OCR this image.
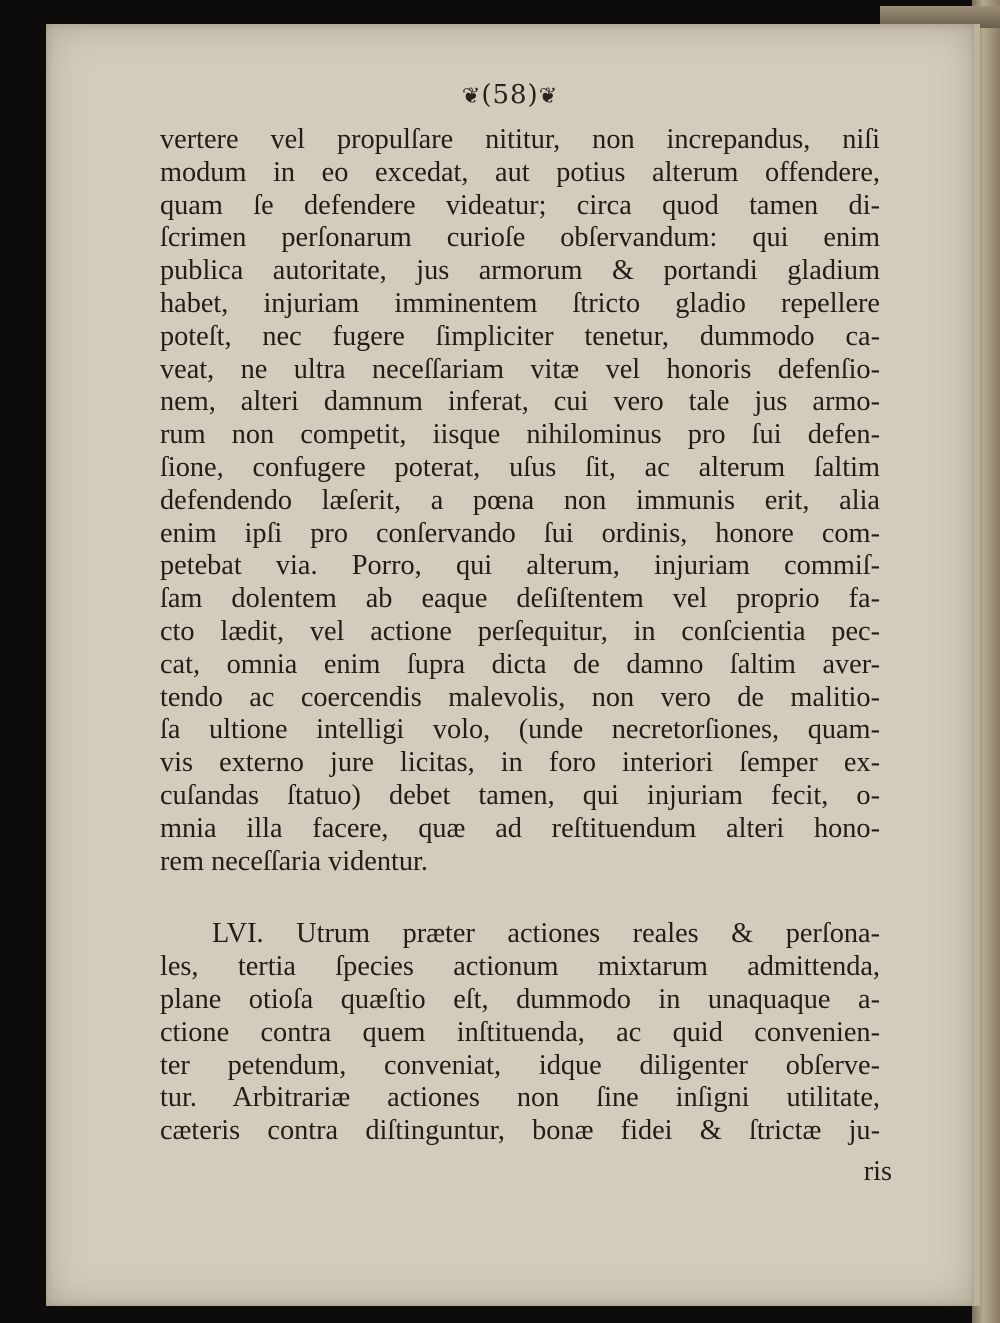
❦(58)❦
vertere vel propulſare nititur, non increpandus, niſi
modum in eo excedat, aut potius alterum offendere,
quam ſe defendere videatur; circa quod tamen di-
ſcrimen perſonarum curioſe obſervandum: qui enim
publica autoritate, jus armorum & portandi gladium
habet, injuriam imminentem ſtricto gladio repellere
poteſt, nec fugere ſimpliciter tenetur, dummodo ca-
veat, ne ultra neceſſariam vitæ vel honoris defenſio-
nem, alteri damnum inferat, cui vero tale jus armo-
rum non competit, iisque nihilominus pro ſui defen-
ſione, confugere poterat, uſus ſit, ac alterum ſaltim
defendendo læſerit, a pœna non immunis erit, alia
enim ipſi pro conſervando ſui ordinis, honore com-
petebat via. Porro, qui alterum, injuriam commiſ-
ſam dolentem ab eaque deſiſtentem vel proprio fa-
cto lædit, vel actione perſequitur, in conſcientia pec-
cat, omnia enim ſupra dicta de damno ſaltim aver-
tendo ac coercendis malevolis, non vero de malitio-
ſa ultione intelligi volo, (unde necretorſiones, quam-
vis externo jure licitas, in foro interiori ſemper ex-
cuſandas ſtatuo) debet tamen, qui injuriam fecit, o-
mnia illa facere, quæ ad reſtituendum alteri hono-
rem neceſſaria videntur.
LVI. Utrum præter actiones reales & perſona-
les, tertia ſpecies actionum mixtarum admittenda,
plane otioſa quæſtio eſt, dummodo in unaquaque a-
ctione contra quem inſtituenda, ac quid convenien-
ter petendum, conveniat, idque diligenter obſerve-
tur. Arbitrariæ actiones non ſine inſigni utilitate,
cæteris contra diſtinguntur, bonæ fidei & ſtrictæ ju-
ris
